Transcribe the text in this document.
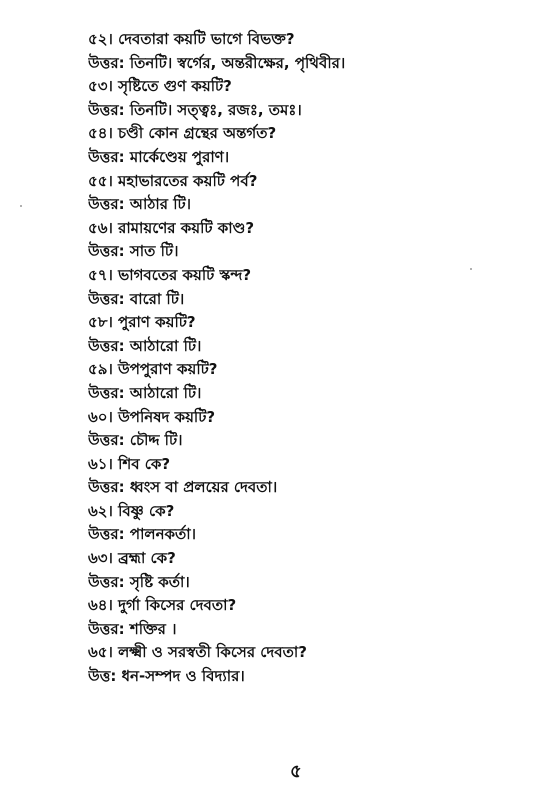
৫২। দেবতারা কয়টি ভাগে বিভক্ত?
উত্তর: তিনটি। স্বর্গের, অন্তরীক্ষের, পৃথিবীর।
৫৩। সৃষ্টিতে গুণ কয়টি?
উত্তর: তিনটি। সত্ত্বঃ, রজঃ, তমঃ।
৫৪। চণ্ডী কোন গ্রন্থের অন্তর্গত?
উত্তর: মার্কেণ্ডেয় পুরাণ।
৫৫। মহাভারতের কয়টি পর্ব?
উত্তর: আঠার টি।
৫৬। রামায়ণের কয়টি কাণ্ড?
উত্তর: সাত টি।
৫৭। ভাগবতের কয়টি স্কন্দ?
উত্তর: বারো টি।
৫৮। পুরাণ কয়টি?
উত্তর: আঠারো টি।
৫৯। উপপুরাণ কয়টি?
উত্তর: আঠারো টি।
৬০। উপনিষদ কয়টি?
উত্তর: চৌদ্দ টি।
৬১। শিব কে?
উত্তর: ধ্বংস বা প্রলয়ের দেবতা।
৬২। বিষ্ণু কে?
উত্তর: পালনকর্তা।
৬৩। ব্রহ্মা কে?
উত্তর: সৃষ্টি কর্তা।
৬৪। দুর্গা কিসের দেবতা?
উত্তর: শক্তির ।
৬৫। লক্ষ্মী ও সরস্বতী কিসের দেবতা?
উত্ত: ধন-সম্পদ ও বিদ্যার।
৫
